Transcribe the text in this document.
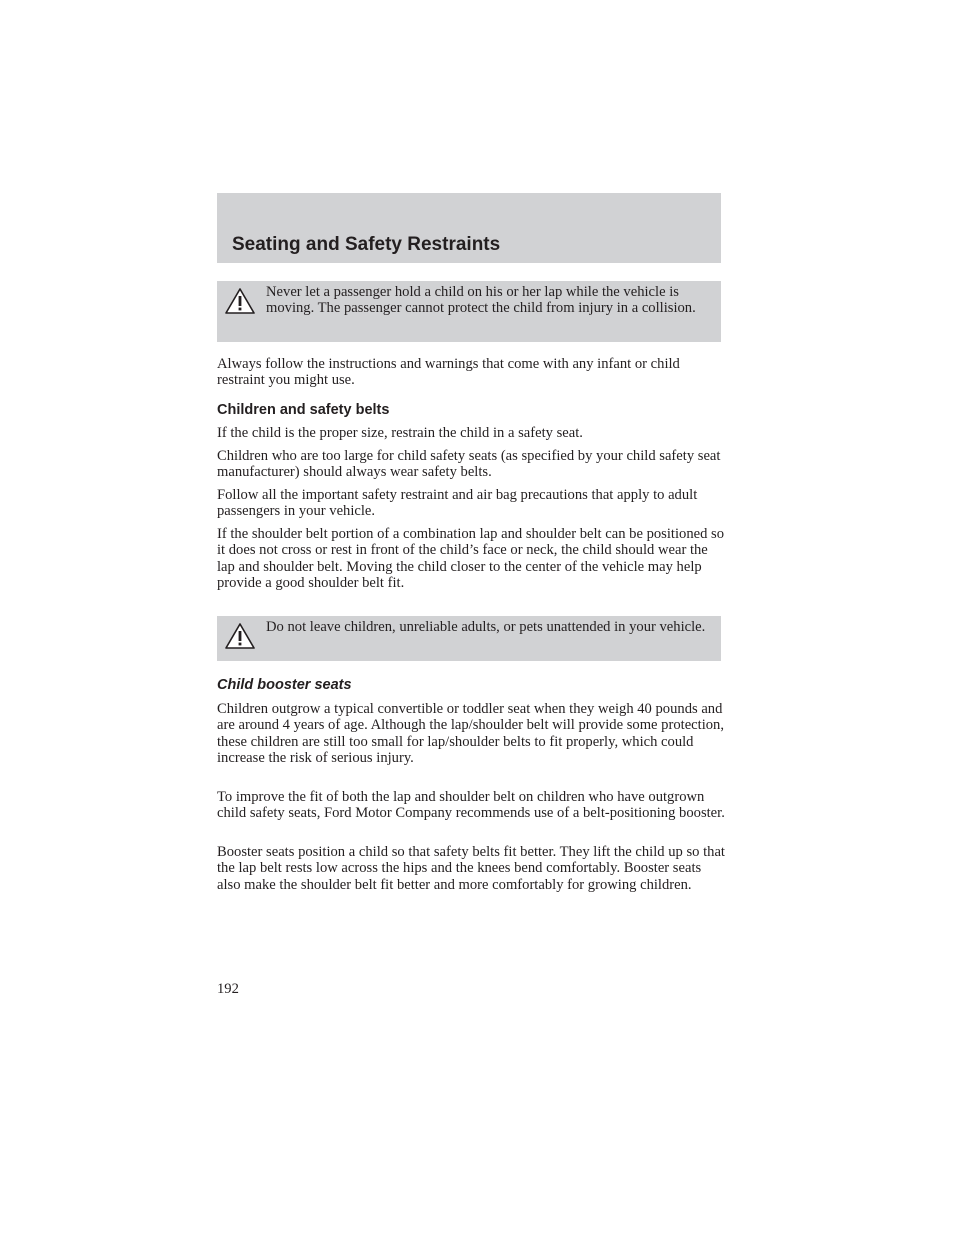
Seating and Safety Restraints

Never let a passenger hold a child on his or her lap while the vehicle is moving. The passenger cannot protect the child from injury in a collision.

Always follow the instructions and warnings that come with any infant or child restraint you might use.

Children and safety belts

If the child is the proper size, restrain the child in a safety seat.

Children who are too large for child safety seats (as specified by your child safety seat manufacturer) should always wear safety belts.

Follow all the important safety restraint and air bag precautions that apply to adult passengers in your vehicle.

If the shoulder belt portion of a combination lap and shoulder belt can be positioned so it does not cross or rest in front of the child’s face or neck, the child should wear the lap and shoulder belt. Moving the child closer to the center of the vehicle may help provide a good shoulder belt fit.

Do not leave children, unreliable adults, or pets unattended in your vehicle.

Child booster seats

Children outgrow a typical convertible or toddler seat when they weigh 40 pounds and are around 4 years of age. Although the lap/shoulder belt will provide some protection, these children are still too small for lap/shoulder belts to fit properly, which could increase the risk of serious injury.

To improve the fit of both the lap and shoulder belt on children who have outgrown child safety seats, Ford Motor Company recommends use of a belt-positioning booster.

Booster seats position a child so that safety belts fit better. They lift the child up so that the lap belt rests low across the hips and the knees bend comfortably. Booster seats also make the shoulder belt fit better and more comfortably for growing children.

192
